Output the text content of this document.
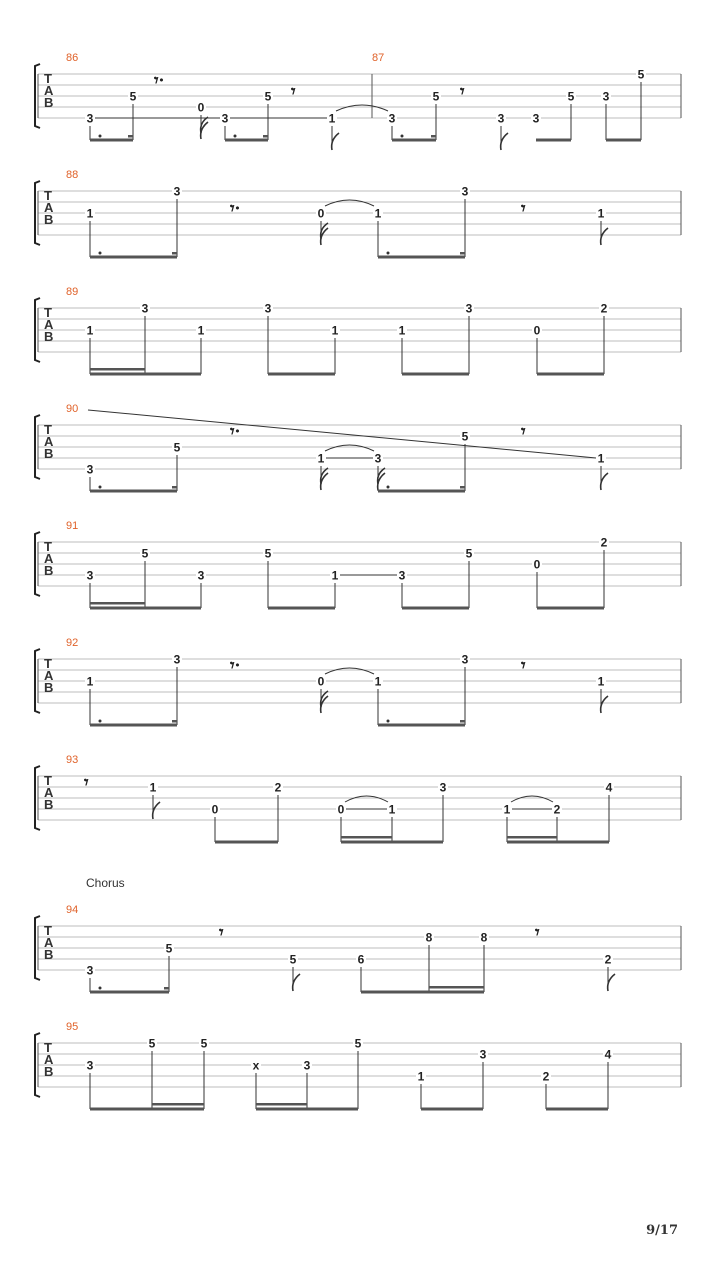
86	87
T
A
B
𝄾·
𝄾	𝄾
3
5
0
3
5
1	3
5
3 3
5 3
5
88
T
A
B
𝄾·	𝄾
1
3
0	1
3
1
89
T
A
B	1
3
1
3
1	1
3
0
2
90
T
A
B
𝄾·	𝄾
3
5
1	3
5
1
91
T
A
B	3
5
3
5
1	3
5
0
2
92
T
A
B
𝄾·	𝄾
1
3
0	1
3
1
93
T
A
B
𝄾	1
0
2
0	1
3
1	2
4
Chorus
94
T
A
B
𝄾	𝄾
3
5
5	6
8	8
2
95
T
A
B	3
5	5
x	3
5
1
3
2
4
9/17
